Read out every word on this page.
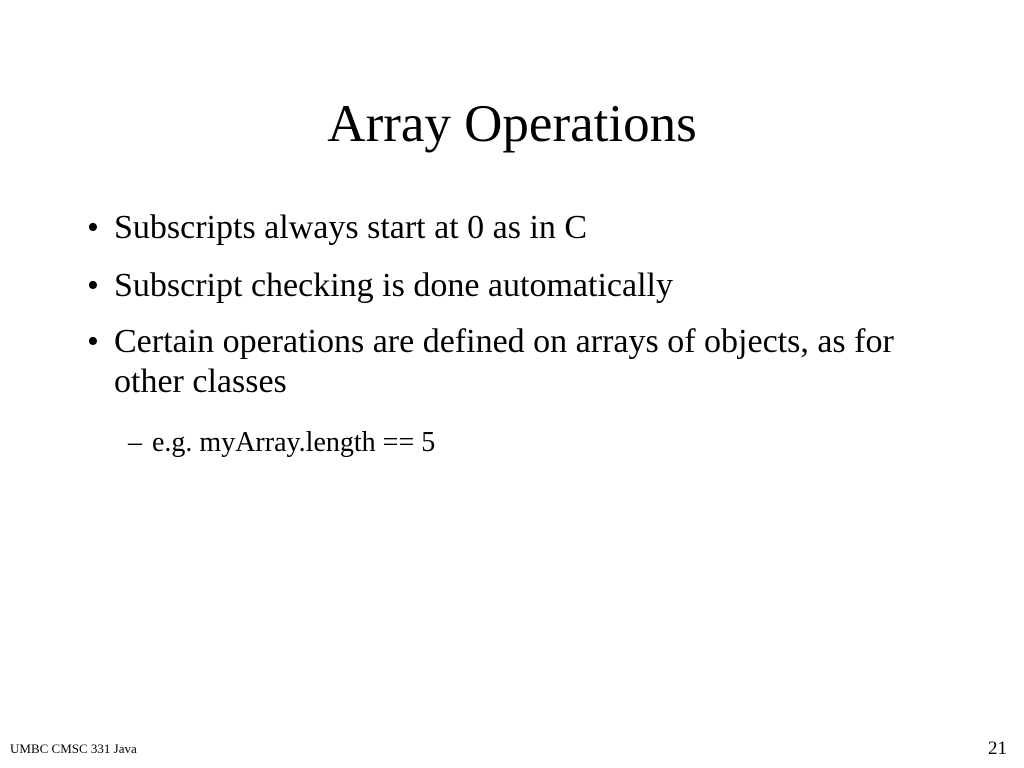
Array Operations
• Subscripts always start at 0 as in C
• Subscript checking is done automatically
• Certain operations are defined on arrays of objects, as for other classes
– e.g. myArray.length == 5
UMBC CMSC 331 Java	21
